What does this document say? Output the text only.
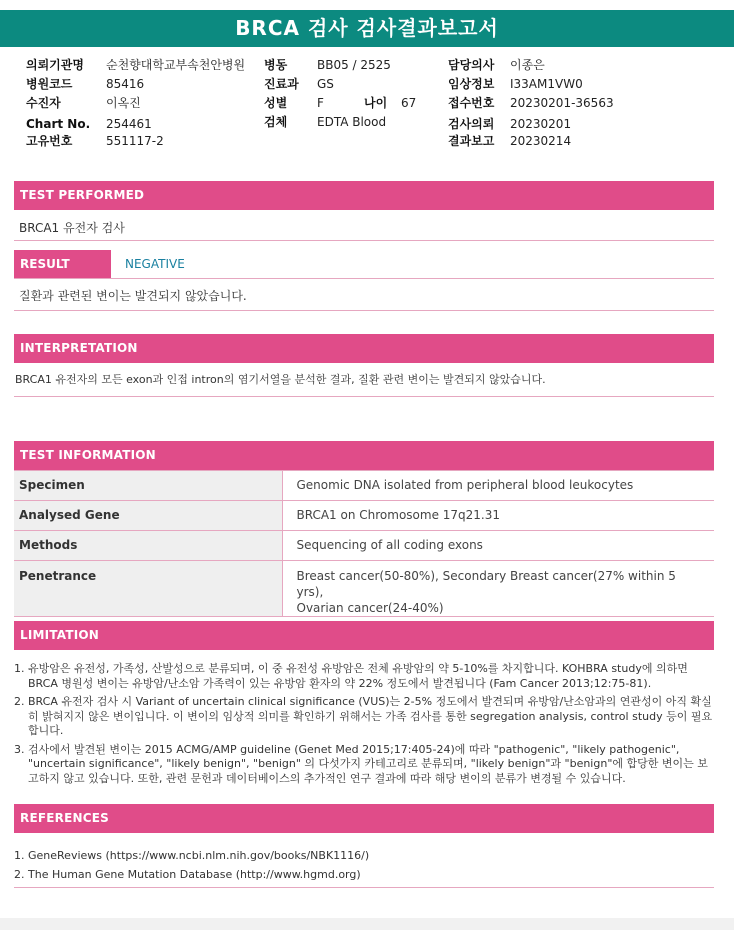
BRCA 검사 검사결과보고서
의뢰기관명 순천향대학교부속천안병원
병원코드	85416
수진자	이옥진
Chart No. 254461
고유번호	551117-2
병동 BB05 / 2525
진료과 GS
성별 F	나이 67
검체 EDTA Blood
담당의사 이종은
임상정보 I33AM1VW0
접수번호 20230201-36563
검사의뢰 20230201
결과보고 20230214
TEST PERFORMED
BRCA1 유전자 검사
RESULT	NEGATIVE
질환과 관련된 변이는 발견되지 않았습니다.
INTERPRETATION
BRCA1 유전자의 모든 exon과 인접 intron의 염기서열을 분석한 결과, 질환 관련 변이는 발견되지 않았습니다.
TEST INFORMATION
Specimen	Genomic DNA isolated from peripheral blood leukocytes
Analysed Gene	BRCA1 on Chromosome 17q21.31
Methods	Sequencing of all coding exons
Penetrance	Breast cancer(50-80%), Secondary Breast cancer(27% within 5 yrs),
Ovarian cancer(24-40%)
LIMITATION
1. 유방암은 유전성, 가족성, 산발성으로 분류되며, 이 중 유전성 유방암은 전체 유방암의 약 5-10%를 차지합니다. KOHBRA study에 의하면 BRCA 병원성 변이는 유방암/난소암 가족력이 있는 유방암 환자의 약 22% 정도에서 발견됩니다 (Fam Cancer 2013;12:75-81).
2. BRCA 유전자 검사 시 Variant of uncertain clinical significance (VUS)는 2-5% 정도에서 발견되며 유방암/난소암과의 연관성이 아직 확실히 밝혀지지 않은 변이입니다. 이 변이의 임상적 의미를 확인하기 위해서는 가족 검사를 통한 segregation analysis, control study 등이 필요합니다.
3. 검사에서 발견된 변이는 2015 ACMG/AMP guideline (Genet Med 2015;17:405-24)에 따라 "pathogenic", "likely pathogenic", "uncertain significance", "likely benign", "benign" 의 다섯가지 카테고리로 분류되며, "likely benign"과 "benign"에 합당한 변이는 보고하지 않고 있습니다. 또한, 관련 문헌과 데이터베이스의 추가적인 연구 결과에 따라 해당 변이의 분류가 변경될 수 있습니다.
REFERENCES
1. GeneReviews (https://www.ncbi.nlm.nih.gov/books/NBK1116/)
2. The Human Gene Mutation Database (http://www.hgmd.org)
